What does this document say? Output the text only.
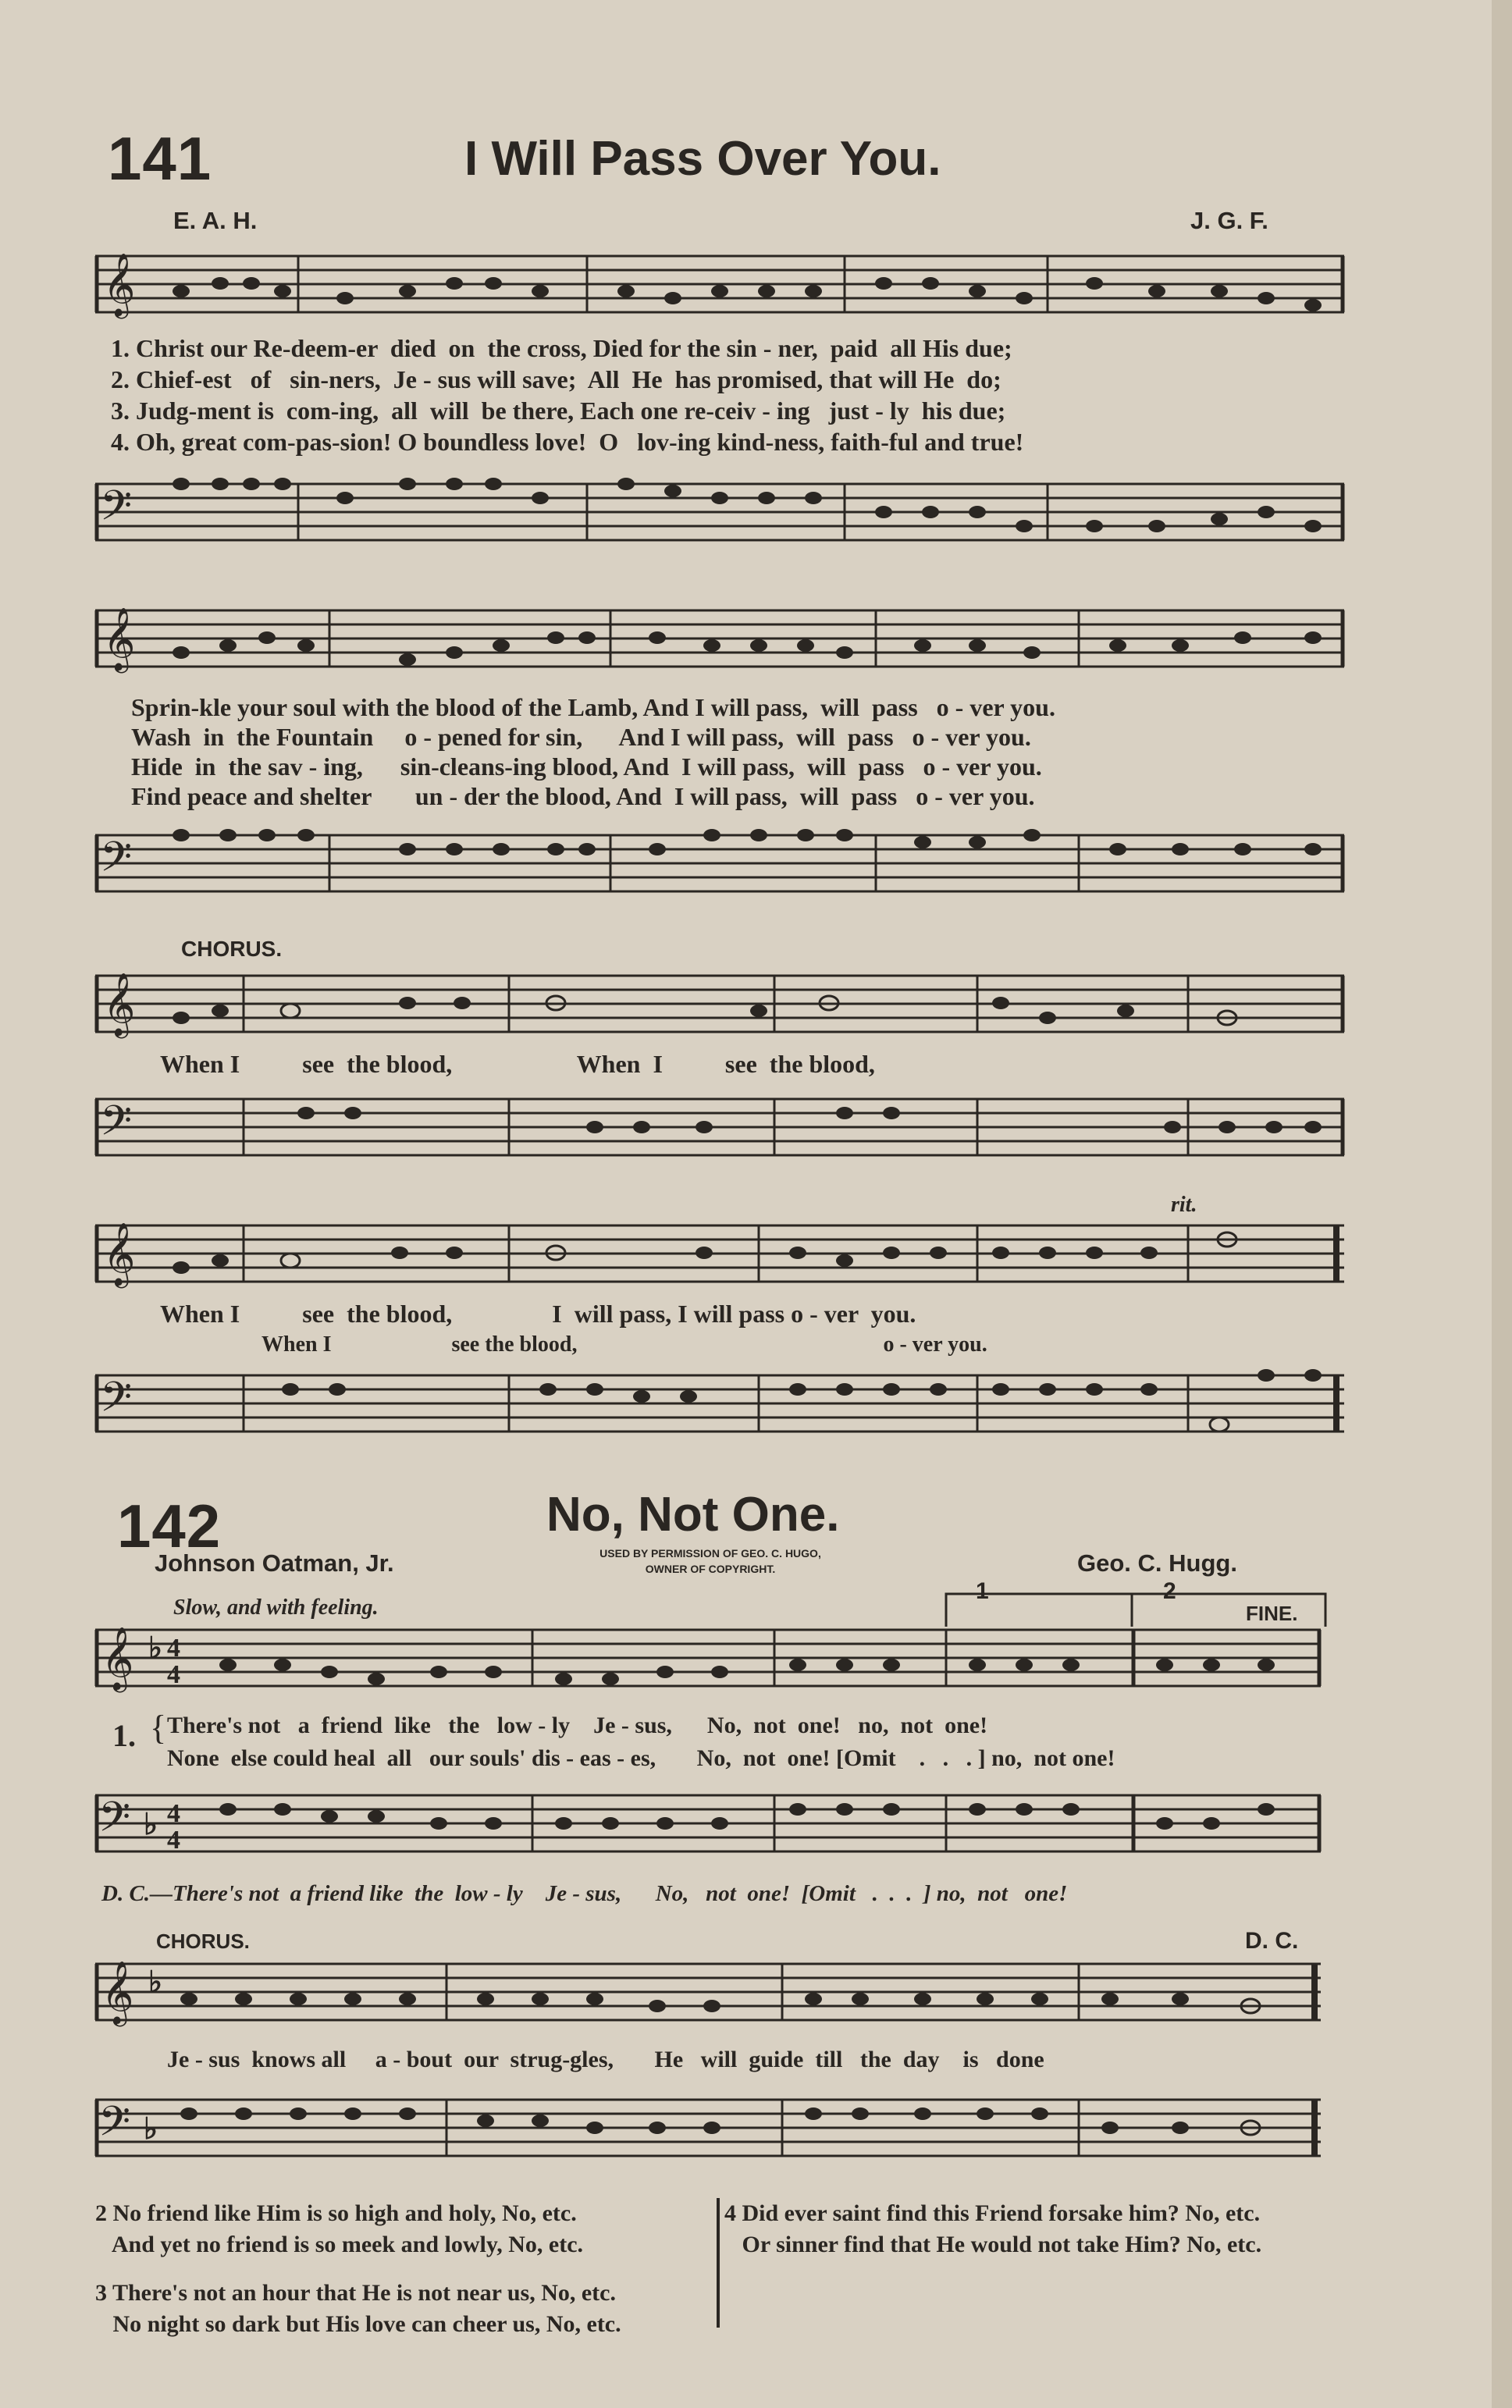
141	I Will Pass Over You.
E. A. H.	J. G. F.
𝄞
1. Christ our Re-deem-er  died  on  the cross, Died for the sin - ner,  paid  all His due;
2. Chief-est   of   sin-ners,  Je - sus will save;  All  He  has promised, that will He  do;
3. Judg-ment is  com-ing,  all  will  be there, Each one re-ceiv - ing   just - ly  his due;
4. Oh, great com-pas-sion! O boundless love!  O   lov-ing kind-ness, faith-ful and true!
𝄢
𝄞
Sprin-kle your soul with the blood of the Lamb, And I will pass,  will  pass   o - ver you.
Wash  in  the Fountain     o - pened for sin,      And I will pass,  will  pass   o - ver you.
Hide  in  the sav - ing,      sin-cleans-ing blood, And  I will pass,  will  pass   o - ver you.
Find peace and shelter       un - der the blood, And  I will pass,  will  pass   o - ver you.
𝄢
CHORUS.
𝄞
When I          see  the blood,                    When  I          see  the blood,
𝄢
𝄞
rit.
When I          see  the blood,                I  will pass, I will pass o - ver  you.
When I                      see the blood,                                                        o - ver you.
𝄢
142	No, Not One.
Johnson Oatman, Jr.	USED BY PERMISSION OF GEO. C. HUGO,
OWNER OF COPYRIGHT.	Geo. C. Hugg.
Slow, and with feeling.
1	2
FINE.
𝄞 ♭ 4
4
1. { There's not   a  friend  like   the   low - ly    Je - sus,      No,  not  one!   no,  not  one!
None  else could heal  all   our souls' dis - eas - es,       No,  not  one! [Omit    .   .   . ] no,  not one!
𝄢 ♭ 4
4
D. C.—There's not  a friend like  the  low - ly    Je - sus,      No,   not  one!  [Omit   .  .  .  ] no,  not   one!
CHORUS.	D. C.
𝄞 ♭
Je - sus  knows all     a - bout  our  strug-gles,       He   will  guide  till   the  day    is   done
𝄢 ♭
2 No friend like Him is so high and holy, No, etc.
And yet no friend is so meek and lowly, No, etc.
3 There's not an hour that He is not near us, No, etc.
No night so dark but His love can cheer us, No, etc.
4 Did ever saint find this Friend forsake him? No, etc.
Or sinner find that He would not take Him? No, etc.
